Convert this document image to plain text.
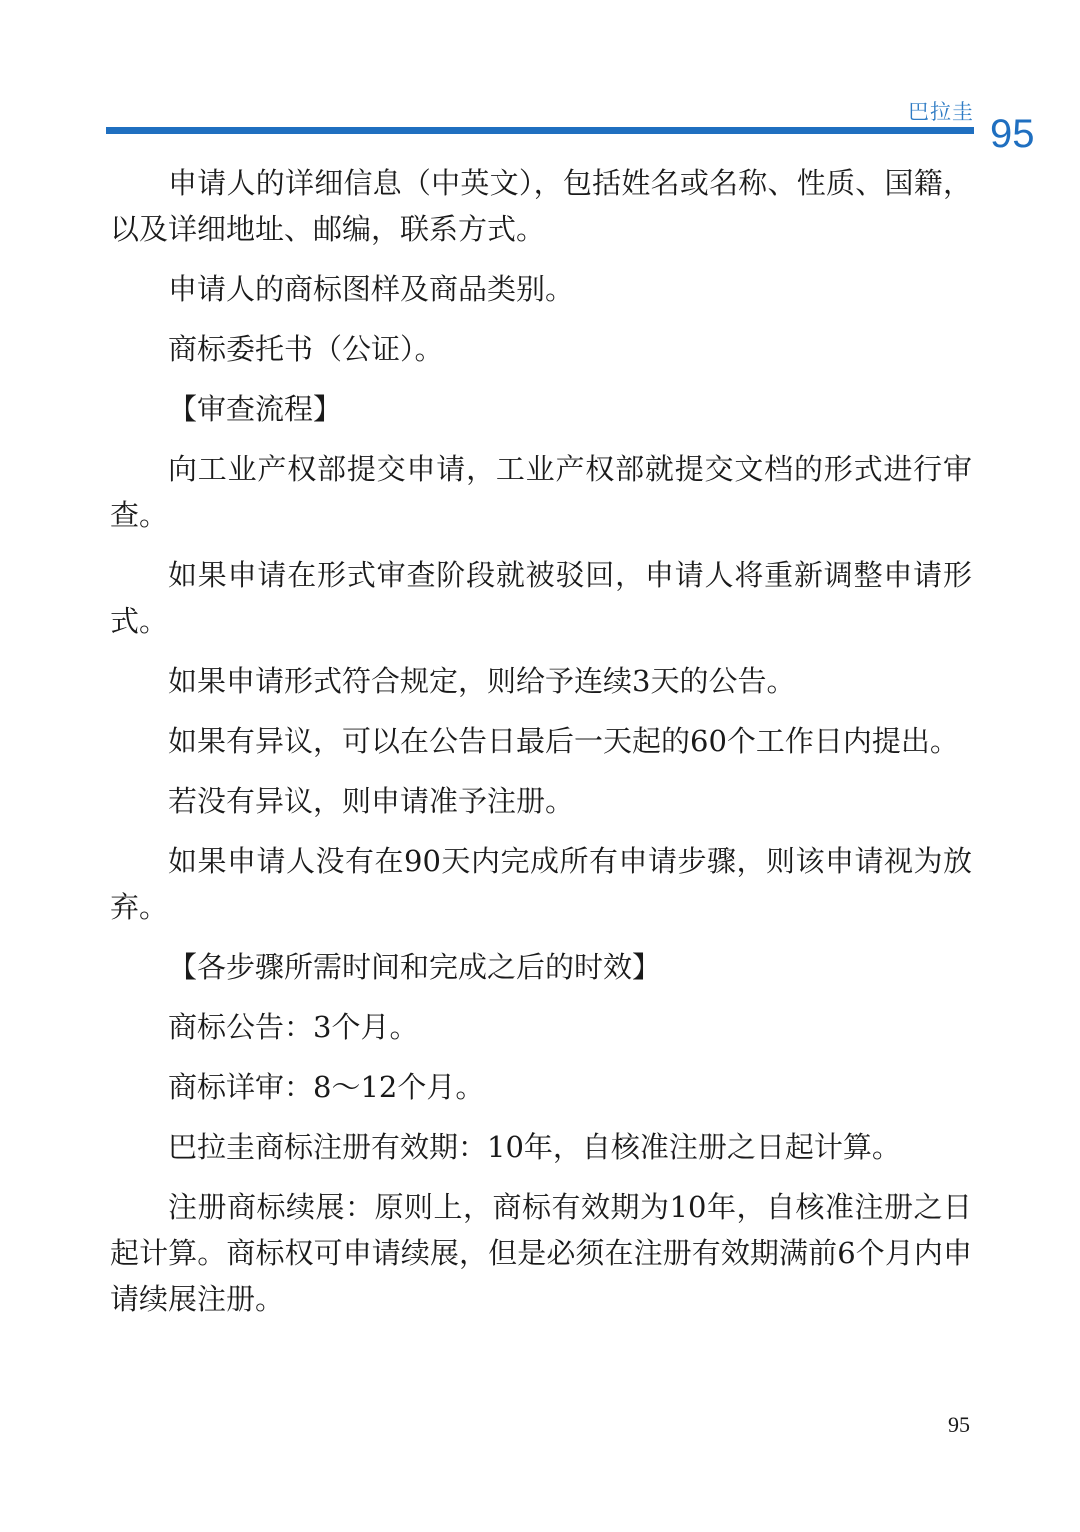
巴拉圭 95

申请人的详细信息（中英文），包括姓名或名称、性质、国籍，以及详细地址、邮编，联系方式。

申请人的商标图样及商品类别。

商标委托书（公证）。

【审查流程】

向工业产权部提交申请，工业产权部就提交文档的形式进行审查。

如果申请在形式审查阶段就被驳回，申请人将重新调整申请形式。

如果申请形式符合规定，则给予连续3天的公告。

如果有异议，可以在公告日最后一天起的60个工作日内提出。

若没有异议，则申请准予注册。

如果申请人没有在90天内完成所有申请步骤，则该申请视为放弃。

【各步骤所需时间和完成之后的时效】

商标公告：3个月。

商标详审：8～12个月。

巴拉圭商标注册有效期：10年，自核准注册之日起计算。

注册商标续展：原则上，商标有效期为10年，自核准注册之日起计算。商标权可申请续展，但是必须在注册有效期满前6个月内申请续展注册。

95
